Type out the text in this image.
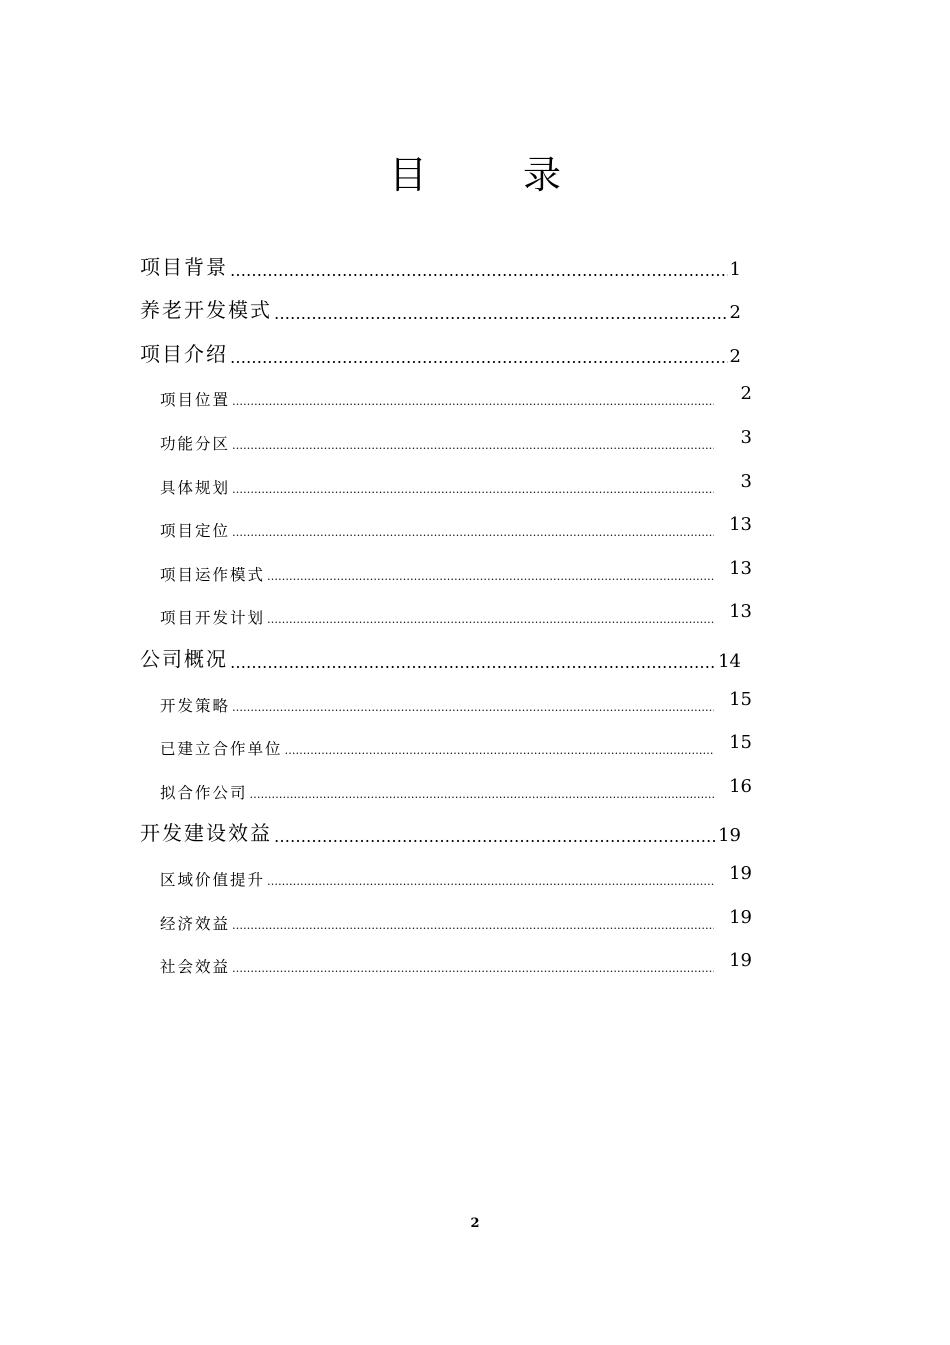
目 录
项目背景 …………………………………………………………………………………………………………………………………………………………………………	1
养老开发模式 …………………………………………………………………………………………………………………………………………………………………………	2
项目介绍 …………………………………………………………………………………………………………………………………………………………………………	2
项目位置 …………………………………………………………………………………………………………………………………………………………………………	2
功能分区 …………………………………………………………………………………………………………………………………………………………………………	3
具体规划 …………………………………………………………………………………………………………………………………………………………………………	3
项目定位 …………………………………………………………………………………………………………………………………………………………………………	13
项目运作模式 …………………………………………………………………………………………………………………………………………………………………………	13
项目开发计划 …………………………………………………………………………………………………………………………………………………………………………	13
公司概况 …………………………………………………………………………………………………………………………………………………………………………	14
开发策略 …………………………………………………………………………………………………………………………………………………………………………	15
已建立合作单位 …………………………………………………………………………………………………………………………………………………………………………	15
拟合作公司 …………………………………………………………………………………………………………………………………………………………………………	16
开发建设效益 …………………………………………………………………………………………………………………………………………………………………………	19
区域价值提升 …………………………………………………………………………………………………………………………………………………………………………	19
经济效益 …………………………………………………………………………………………………………………………………………………………………………	19
社会效益 …………………………………………………………………………………………………………………………………………………………………………	19
2
